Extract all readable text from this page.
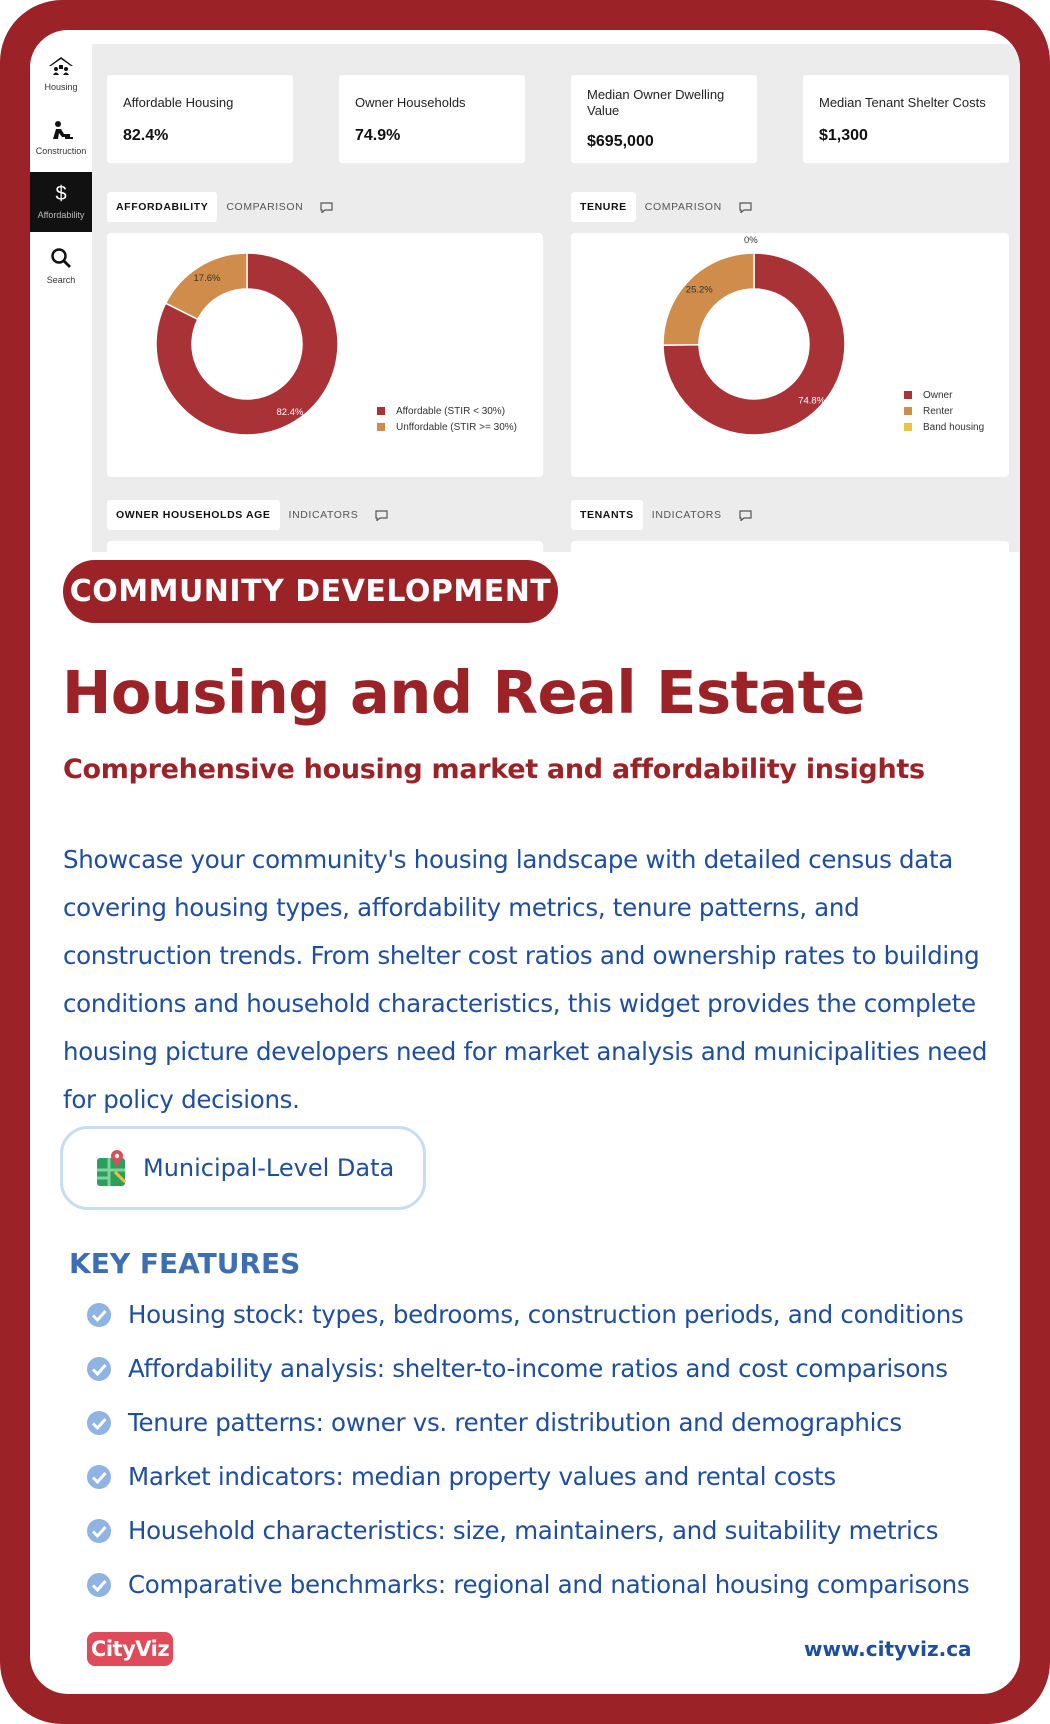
Housing
Construction
$
Affordability
Search
Affordable Housing
82.4%
Owner Households
74.9%
Median Owner Dwelling Value
$695,000
Median Tenant Shelter Costs
$1,300
AFFORDABILITY	COMPARISON	TENURE	COMPARISON
82.4%
17.6%
Affordable (STIR < 30%)
Unffordable (STIR >= 30%)
74.8%
25.2%
0%
Owner
Renter
Band housing
OWNER HOUSEHOLDS AGE	INDICATORS	TENANTS	INDICATORS
COMMUNITY DEVELOPMENT
Housing and Real Estate
Comprehensive housing market and affordability insights
Showcase your community's housing landscape with detailed census data covering housing types, affordability metrics, tenure patterns, and construction trends. From shelter cost ratios and ownership rates to building conditions and household characteristics, this widget provides the complete housing picture developers need for market analysis and municipalities need for policy decisions.
Municipal-Level Data
KEY FEATURES
Housing stock: types, bedrooms, construction periods, and conditions
Affordability analysis: shelter-to-income ratios and cost comparisons
Tenure patterns: owner vs. renter distribution and demographics
Market indicators: median property values and rental costs
Household characteristics: size, maintainers, and suitability metrics
Comparative benchmarks: regional and national housing comparisons
CityViz	www.cityviz.ca
